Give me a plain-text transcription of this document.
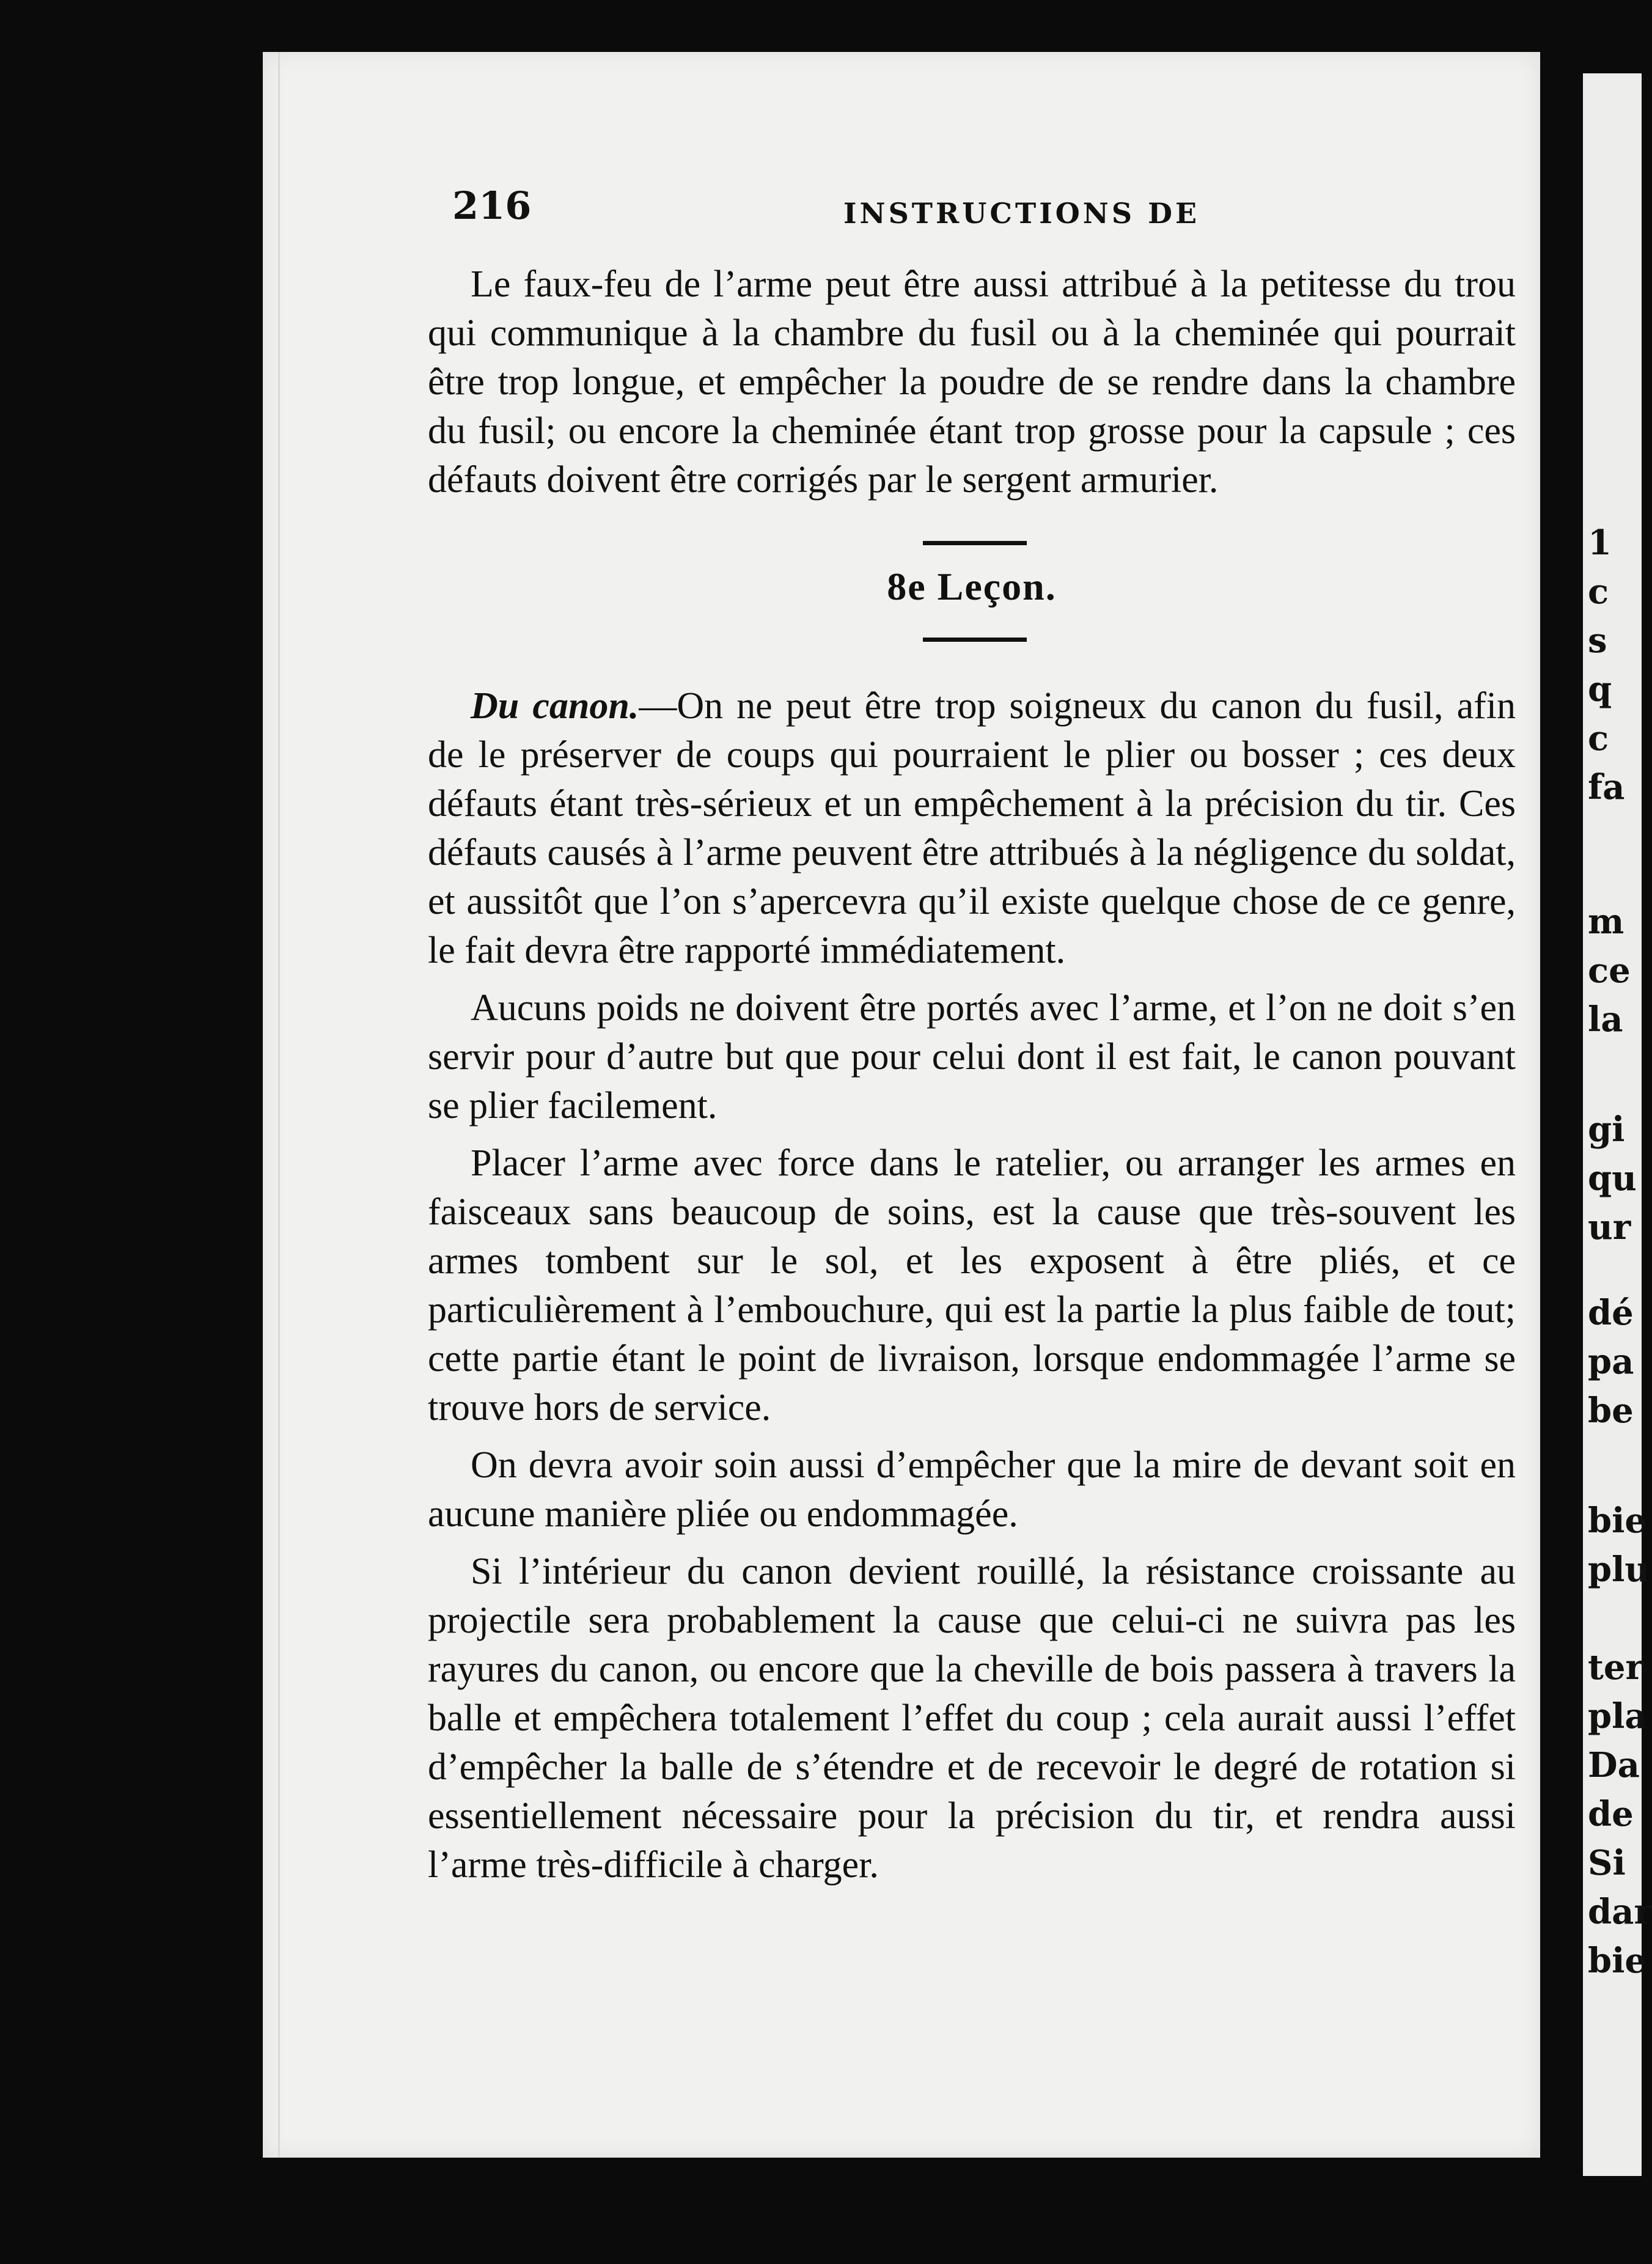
1
c
s
q
c
fa
m
ce
la
gi
qu
ur
dé
pa
be
bie
plu
ter
pla
Da
de
Si
dar
bie
216	INSTRUCTIONS DE

Le faux-feu de l’arme peut être aussi attribué à la petitesse du trou qui communique à la chambre du fusil ou à la cheminée qui pourrait être trop longue, et empêcher la poudre de se rendre dans la chambre du fusil; ou encore la cheminée étant trop grosse pour la capsule ; ces défauts doivent être corrigés par le sergent armurier.

8e Leçon.

Du canon.—On ne peut être trop soigneux du canon du fusil, afin de le préserver de coups qui pourraient le plier ou bosser ; ces deux défauts étant très-sérieux et un empêchement à la précision du tir. Ces défauts causés à l’arme peuvent être attribués à la négligence du soldat, et aussitôt que l’on s’apercevra qu’il existe quelque chose de ce genre, le fait devra être rapporté immédiatement.

Aucuns poids ne doivent être portés avec l’arme, et l’on ne doit s’en servir pour d’autre but que pour celui dont il est fait, le canon pouvant se plier facilement.

Placer l’arme avec force dans le ratelier, ou arranger les armes en faisceaux sans beaucoup de soins, est la cause que très-souvent les armes tombent sur le sol, et les exposent à être pliés, et ce particulièrement à l’embouchure, qui est la partie la plus faible de tout; cette partie étant le point de livraison, lorsque endommagée l’arme se trouve hors de service.

On devra avoir soin aussi d’empêcher que la mire de devant soit en aucune manière pliée ou endommagée.

Si l’intérieur du canon devient rouillé, la résistance croissante au projectile sera probablement la cause que celui-ci ne suivra pas les rayures du canon, ou encore que la cheville de bois passera à travers la balle et empêchera totalement l’effet du coup ; cela aurait aussi l’effet d’empêcher la balle de s’étendre et de recevoir le degré de rotation si essentiellement nécessaire pour la précision du tir, et rendra aussi l’arme très-difficile à charger.
